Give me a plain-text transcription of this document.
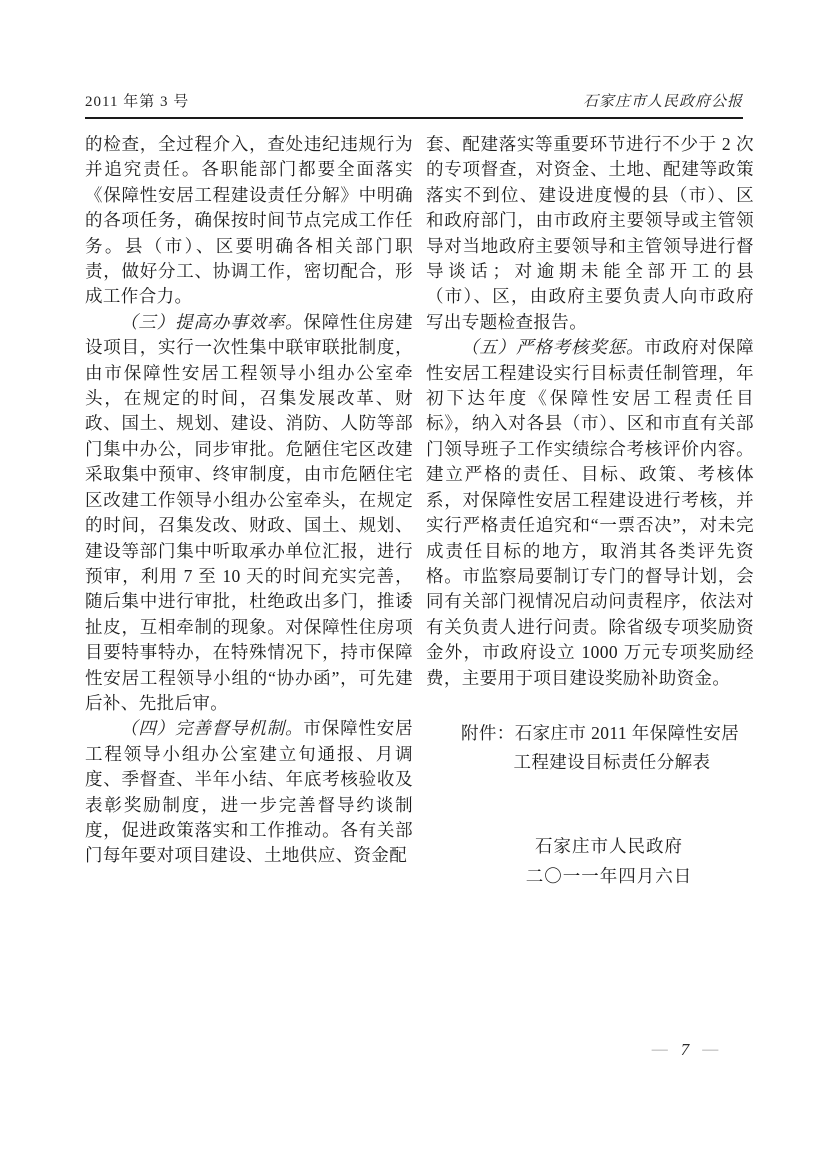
2011 年第 3 号	石家庄市人民政府公报

的检查，全过程介入，查处违纪违规行为并追究责任。各职能部门都要全面落实《保障性安居工程建设责任分解》中明确的各项任务，确保按时间节点完成工作任务。县（市）、区要明确各相关部门职责，做好分工、协调工作，密切配合，形成工作合力。

（三）提高办事效率。保障性住房建设项目，实行一次性集中联审联批制度，由市保障性安居工程领导小组办公室牵头，在规定的时间，召集发展改革、财政、国土、规划、建设、消防、人防等部门集中办公，同步审批。危陋住宅区改建采取集中预审、终审制度，由市危陋住宅区改建工作领导小组办公室牵头，在规定的时间，召集发改、财政、国土、规划、建设等部门集中听取承办单位汇报，进行预审，利用 7 至 10 天的时间充实完善，随后集中进行审批，杜绝政出多门，推诿扯皮，互相牵制的现象。对保障性住房项目要特事特办，在特殊情况下，持市保障性安居工程领导小组的“协办函”，可先建后补、先批后审。

（四）完善督导机制。市保障性安居工程领导小组办公室建立旬通报、月调度、季督查、半年小结、年底考核验收及表彰奖励制度，进一步完善督导约谈制度，促进政策落实和工作推动。各有关部门每年要对项目建设、土地供应、资金配

套、配建落实等重要环节进行不少于 2 次的专项督查，对资金、土地、配建等政策落实不到位、建设进度慢的县（市）、区和政府部门，由市政府主要领导或主管领导对当地政府主要领导和主管领导进行督导谈话；对逾期未能全部开工的县（市）、区，由政府主要负责人向市政府写出专题检查报告。

（五）严格考核奖惩。市政府对保障性安居工程建设实行目标责任制管理，年初下达年度《保障性安居工程责任目标》，纳入对各县（市）、区和市直有关部门领导班子工作实绩综合考核评价内容。建立严格的责任、目标、政策、考核体系，对保障性安居工程建设进行考核，并实行严格责任追究和“一票否决”，对未完成责任目标的地方，取消其各类评先资格。市监察局要制订专门的督导计划，会同有关部门视情况启动问责程序，依法对有关负责人进行问责。除省级专项奖励资金外，市政府设立 1000 万元专项奖励经费，主要用于项目建设奖励补助资金。

附件：石家庄市 2011 年保障性安居
工程建设目标责任分解表
石家庄市人民政府
二〇一一年四月六日
— 7 —
